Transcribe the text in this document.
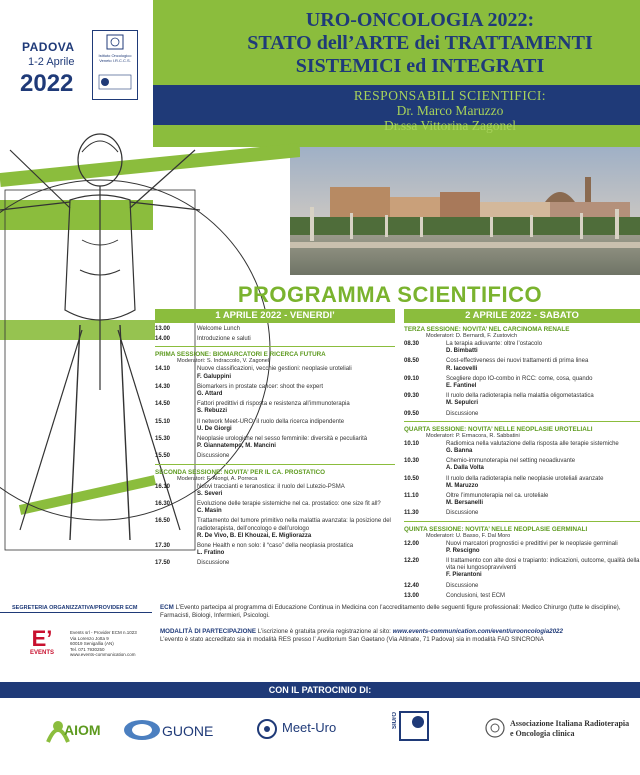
URO-ONCOLOGIA 2022:
STATO dell’ARTE dei TRATTAMENTI
SISTEMICI ed INTEGRATI
RESPONSABILI SCIENTIFICI:
Dr. Marco Maruzzo
Dr.ssa Vittorina Zagonel
PADOVA
1-2 Aprile
2022
Istituto Oncologico Veneto I.R.C.C.S.
PROGRAMMA SCIENTIFICO
1 APRILE 2022 - VENERDI’	2 APRILE 2022 - SABATO
13.00	Welcome Lunch
14.00	Introduzione e saluti
PRIMA SESSIONE: BIOMARCATORI E RICERCA FUTURA
Moderatori: S. Indraccolo, V. Zagonel
14.10	Nuove classificazioni, vecchie gestioni: neoplasie uroteliali
F. Galuppini
14.30	Biomarkers in prostate cancer: shoot the expert
G. Attard
14.50	Fattori predittivi di risposta e resistenza all’immunoterapia
S. Rebuzzi
15.10	Il network Meet-URO: il ruolo della ricerca indipendente
U. De Giorgi
15.30	Neoplasie urologiche nel sesso femminile: diversità e peculiarità
P. Giannatempo, M. Mancini
15.50	Discussione
SECONDA SESSIONE: NOVITA’ PER IL CA. PROSTATICO
Moderatori: F. Alongi, A. Porreca
16.10	Nuovi traccianti e teranostica: il ruolo del Lutezio-PSMA
S. Severi
16.30	Evoluzione delle terapie sistemiche nel ca. prostatico: one size fit all?
C. Masin
16.50	Trattamento del tumore primitivo nella malattia avanzata: la posizione del radioterapista, dell’oncologo e dell’urologo
R. De Vivo, B. El Khouzai, E. Migliorazza
17.30	Bone Health e non solo: il “caso” della neoplasia prostatica
L. Fratino
17.50	Discussione
TERZA SESSIONE: NOVITA’ NEL CARCINOMA RENALE
Moderatori: D. Bernardi, F. Zustovich
08.30	La terapia adiuvante: oltre l’ostacolo
D. Bimbatti
08.50	Cost-effectiveness dei nuovi trattamenti di prima linea
R. Iacovelli
09.10	Scegliere dopo IO-combo in RCC: come, cosa, quando
E. Fantinel
09.30	Il ruolo della radioterapia nella malattia oligometastatica
M. Sepulcri
09.50	Discussione
QUARTA SESSIONE: NOVITA’ NELLE NEOPLASIE UROTELIALI
Moderatori: P. Ermacora, R. Sabbatini
10.10	Radiomica nella valutazione della risposta alle terapie sistemiche
G. Banna
10.30	Chemio-immunoterapia nel setting neoadiuvante
A. Dalla Volta
10.50	Il ruolo della radioterapia nelle neoplasie uroteliali avanzate
M. Maruzzo
11.10	Oltre l’immunoterapia nel ca. uroteliale
M. Bersanelli
11.30	Discussione
QUINTA SESSIONE: NOVITA’ NELLE NEOPLASIE GERMINALI
Moderatori: U. Basso, F. Dal Moro
12.00	Nuovi marcatori prognostici e predittivi per le neoplasie germinali
P. Rescigno
12.20	Il trattamento con alte dosi e trapianto: indicazioni, outcome, qualità della vita nei lungosopravviventi
F. Pierantoni
12.40	Discussione
13.00	Conclusioni, test ECM
SEGRETERIA ORGANIZZATIVA/PROVIDER ECM
E’
EVENTS
Events srl - Provider ECM n.1023
Via Lorenzo Jotta 9
60019 Senigallia (AN)
Tel. 071 7930250
www.events-communication.com

ECM L’Evento partecipa al programma di Educazione Continua in Medicina con l’accreditamento delle seguenti figure professionali: Medico Chirurgo (tutte le discipline), Farmacisti, Biologi, Infermieri, Psicologi.

MODALITÀ DI PARTECIPAZIONE L’iscrizione è gratuita previa registrazione al sito: www.events-communication.com/event/urooncologia2022
L’evento è stato accreditato sia in modalità RES presso l’ Auditorium San Gaetano (Via Altinate, 71 Padova) sia in modalità FAD SINCRONA

CON IL PATROCINIO DI:
AIOM	GUONE	Meet-Uro	SIUrO	Associazione Italiana Radioterapia e Oncologia clinica
